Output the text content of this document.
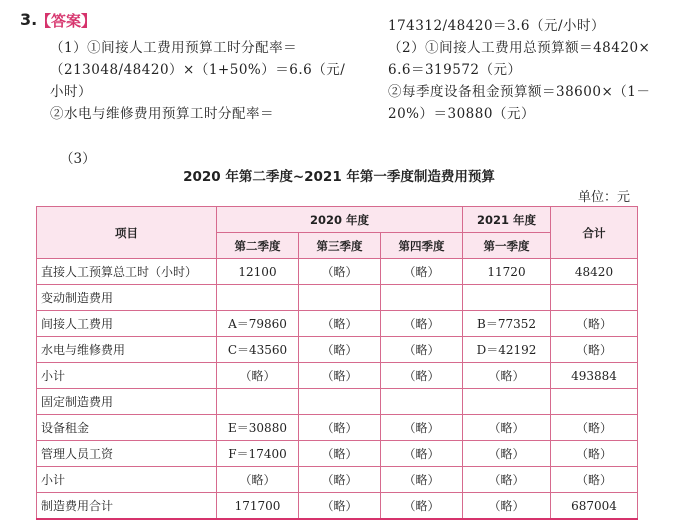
3.
【答案】
（1）①间接人工费用预算工时分配率＝
（213048/48420）×（1+50%）＝6.6（元/
小时）
②水电与维修费用预算工时分配率＝
174312/48420＝3.6（元/小时）
（2）①间接人工费用总预算额＝48420×
6.6＝319572（元）
②每季度设备租金预算额＝38600×（1－
20%）＝30880（元）
（3）
2020 年第二季度~2021 年第一季度制造费用预算
单位：元
项目	2020 年度			2021 年度	合计
	第二季度	第三季度	第四季度	第一季度	
直接人工预算总工时（小时）	12100	（略）	（略）	11720	48420
变动制造费用					
间接人工费用	A＝79860	（略）	（略）	B＝77352	（略）
水电与维修费用	C＝43560	（略）	（略）	D＝42192	（略）
小计	（略）	（略）	（略）	（略）	493884
固定制造费用					
设备租金	E＝30880	（略）	（略）	（略）	（略）
管理人员工资	F＝17400	（略）	（略）	（略）	（略）
小计	（略）	（略）	（略）	（略）	（略）
制造费用合计	171700	（略）	（略）	（略）	687004
